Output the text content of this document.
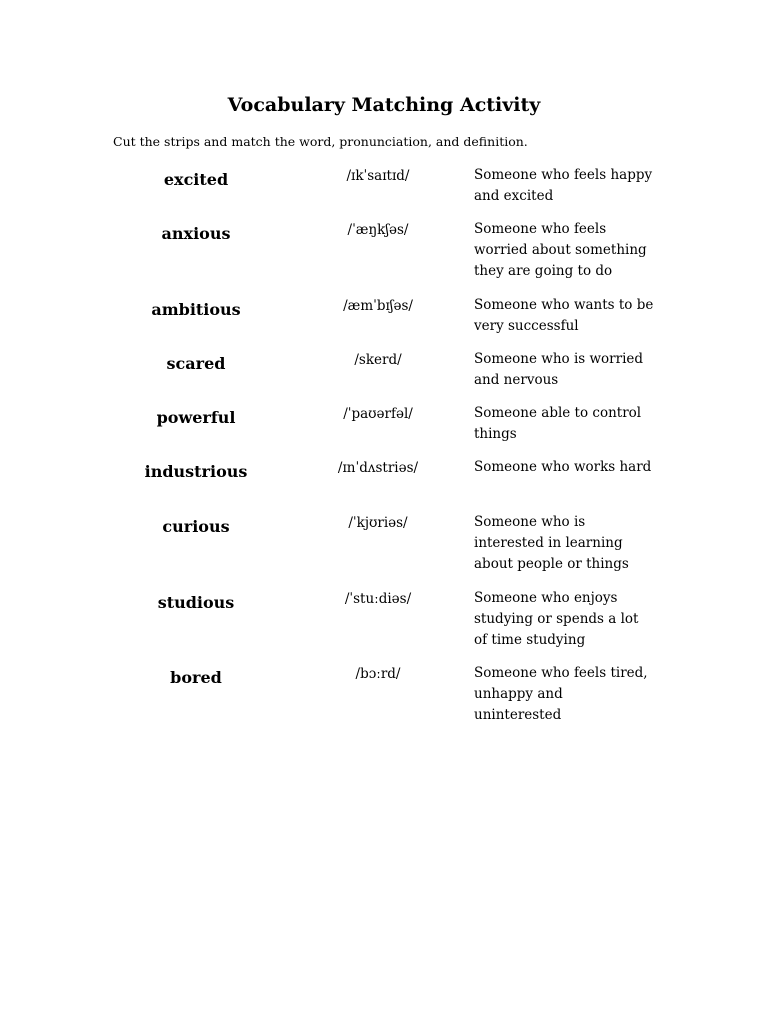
Vocabulary Matching Activity

Cut the strips and match the word, pronunciation, and definition.

excited	/ɪkˈsaɪtɪd/	Someone who feels happy and excited
anxious	/ˈæŋkʃəs/	Someone who feels worried about something they are going to do
ambitious	/æmˈbɪʃəs/	Someone who wants to be very successful
scared	/skerd/	Someone who is worried and nervous
powerful	/ˈpaʊərfəl/	Someone able to control things
industrious	/ɪnˈdʌstriəs/	Someone who works hard
curious	/ˈkjʊriəs/	Someone who is interested in learning about people or things
studious	/ˈstuːdiəs/	Someone who enjoys studying or spends a lot of time studying
bored	/bɔːrd/	Someone who feels tired, unhappy and uninterested
